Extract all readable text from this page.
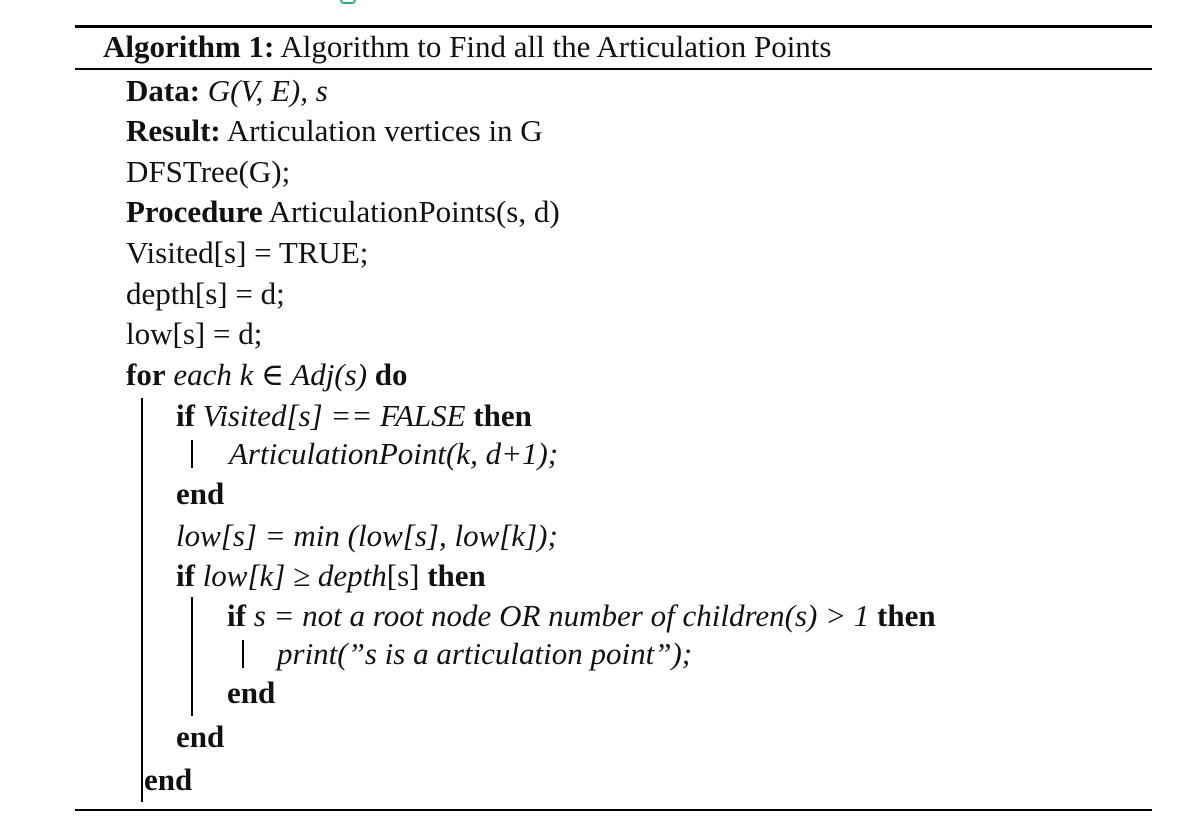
Algorithm 1: Algorithm to Find all the Articulation Points
Data: G(V, E), s
Result: Articulation vertices in G
DFSTree(G);
Procedure ArticulationPoints(s, d)
Visited[s] = TRUE;
depth[s] = d;
low[s] = d;
for each k ∈ Adj(s) do
if Visited[s] == FALSE then
ArticulationPoint(k, d+1);
end
low[s] = min (low[s], low[k]);
if low[k] ≥ depth[s] then
if s = not a root node OR number of children(s) > 1 then
print(”s is a articulation point”);
end
end
end
